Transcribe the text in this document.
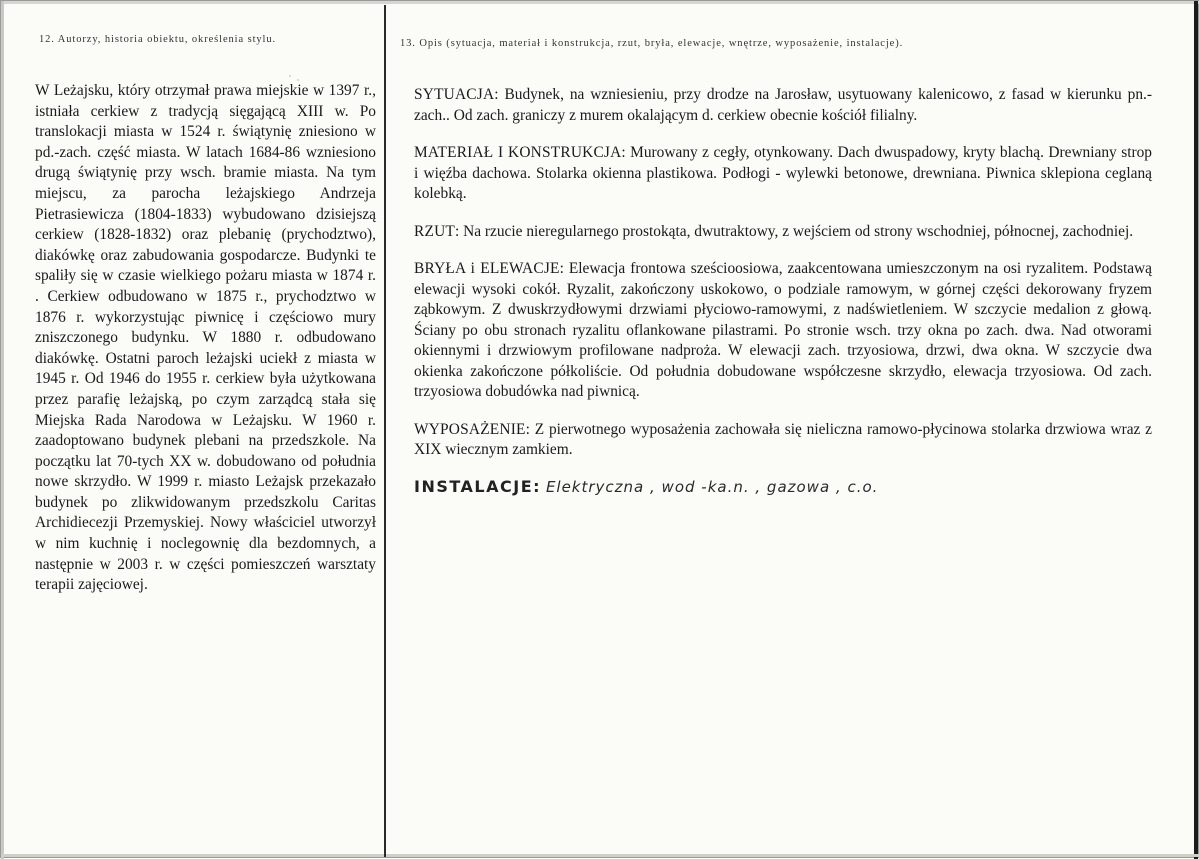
12. Autorzy, historia obiektu, określenia stylu.	13. Opis (sytuacja, materiał i konstrukcja, rzut, bryła, elewacje, wnętrze, wyposażenie, instalacje).
W Leżajsku, który otrzymał prawa miejskie w 1397 r., istniała cerkiew z tradycją sięgającą XIII w. Po translokacji miasta w 1524 r. świątynię zniesiono w pd.-zach. część miasta. W latach 1684-86 wzniesiono drugą świątynię przy wsch. bramie miasta. Na tym miejscu, za parocha leżajskiego Andrzeja Pietrasiewicza (1804-1833) wybudowano dzisiejszą cerkiew (1828-1832) oraz plebanię (prychodztwo), diakówkę oraz zabudowania gospodarcze. Budynki te spaliły się w czasie wielkiego pożaru miasta w 1874 r. . Cerkiew odbudowano w 1875 r., prychodztwo w 1876 r. wykorzystując piwnicę i częściowo mury zniszczonego budynku. W 1880 r. odbudowano diakówkę. Ostatni paroch leżajski uciekł z miasta w 1945 r. Od 1946 do 1955 r. cerkiew była użytkowana przez parafię leżajską, po czym zarządcą stała się Miejska Rada Narodowa w Leżajsku. W 1960 r. zaadoptowano budynek plebani na przedszkole. Na początku lat 70-tych XX w. dobudowano od południa nowe skrzydło. W 1999 r. miasto Leżajsk przekazało budynek po zlikwidowanym przedszkolu Caritas Archidiecezji Przemyskiej. Nowy właściciel utworzył w nim kuchnię i noclegownię dla bezdomnych, a następnie w 2003 r. w części pomieszczeń warsztaty terapii zajęciowej.

SYTUACJA: Budynek, na wzniesieniu, przy drodze na Jarosław, usytuowany kalenicowo, z fasad w kierunku pn.-zach.. Od zach. graniczy z murem okalającym d. cerkiew obecnie kościół filialny.

MATERIAŁ I KONSTRUKCJA: Murowany z cegły, otynkowany. Dach dwuspadowy, kryty blachą. Drewniany strop i więźba dachowa. Stolarka okienna plastikowa. Podłogi - wylewki betonowe, drewniana. Piwnica sklepiona ceglaną kolebką.

RZUT: Na rzucie nieregularnego prostokąta, dwutraktowy, z wejściem od strony wschodniej, północnej, zachodniej.

BRYŁA i ELEWACJE: Elewacja frontowa sześcioosiowa, zaakcentowana umieszczonym na osi ryzalitem. Podstawą elewacji wysoki cokół. Ryzalit, zakończony uskokowo, o podziale ramowym, w górnej części dekorowany fryzem ząbkowym. Z dwuskrzydłowymi drzwiami płyciowo-ramowymi, z nadświetleniem. W szczycie medalion z głową. Ściany po obu stronach ryzalitu oflankowane pilastrami. Po stronie wsch. trzy okna po zach. dwa. Nad otworami okiennymi i drzwiowym profilowane nadproża. W elewacji zach. trzyosiowa, drzwi, dwa okna. W szczycie dwa okienka zakończone półkoliście. Od południa dobudowane współczesne skrzydło, elewacja trzyosiowa. Od zach. trzyosiowa dobudówka nad piwnicą.

WYPOSAŻENIE: Z pierwotnego wyposażenia zachowała się nieliczna ramowo-płycinowa stolarka drzwiowa wraz z XIX wiecznym zamkiem.

INSTALACJE: Elektryczna , wod -ka.n. , gazowa , c.o.
